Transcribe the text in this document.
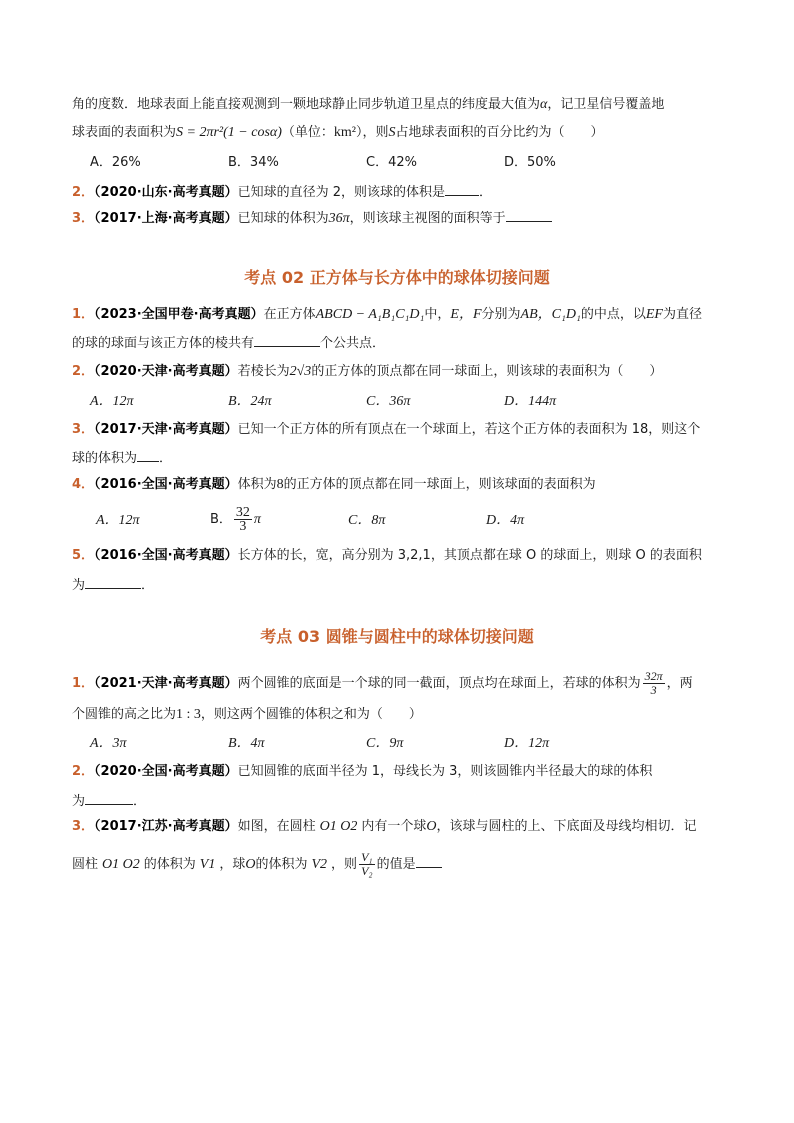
角的度数．地球表面上能直接观测到一颗地球静止同步轨道卫星点的纬度最大值为α，记卫星信号覆盖地
球表面的表面积为S = 2πr²(1 − cosα)（单位：km²），则S占地球表面积的百分比约为（　　）
A．26%	B．34%	C．42%	D．50%
2．（2020·山东·高考真题）已知球的直径为 2，则该球的体积是	．
3．（2017·上海·高考真题）已知球的体积为36π，则该球主视图的面积等于
考点 02 正方体与长方体中的球体切接问题
1．（2023·全国甲卷·高考真题）在正方体ABCD − A₁B₁C₁D₁中，E，F分别为AB，C₁D₁的中点，以EF为直径
的球的球面与该正方体的棱共有	个公共点．
2．（2020·天津·高考真题）若棱长为2√3的正方体的顶点都在同一球面上，则该球的表面积为（　　）
A．12π	B．24π	C．36π	D．144π
3．（2017·天津·高考真题）已知一个正方体的所有顶点在一个球面上，若这个正方体的表面积为 18，则这个
球的体积为 ．
4．（2016·全国·高考真题）体积为8的正方体的顶点都在同一球面上，则该球面的表面积为
A．12π	B． $\frac{32}{3}$ π	C．8π	D．4π
5．（2016·全国·高考真题）长方体的长，宽，高分别为 3,2,1，其顶点都在球 O 的球面上，则球 O 的表面积
为	．
考点 03 圆锥与圆柱中的球体切接问题
1．（2021·天津·高考真题）两个圆锥的底面是一个球的同一截面，顶点均在球面上，若球的体积为 $\frac{32\pi}{3}$ ，两
个圆锥的高之比为1 : 3，则这两个圆锥的体积之和为（　　）
A．3π	B．4π	C．9π	D．12π
2．（2020·全国·高考真题）已知圆锥的底面半径为 1，母线长为 3，则该圆锥内半径最大的球的体积
为	．
3．（2017·江苏·高考真题）如图，在圆柱 O1 O2 内有一个球O，该球与圆柱的上、下底面及母线均相切．记
圆柱 O1 O2 的体积为 V1 ，球O的体积为 V2 ，则 $\frac{\text{V₁}}{\text{V₂}}$ 的值是
